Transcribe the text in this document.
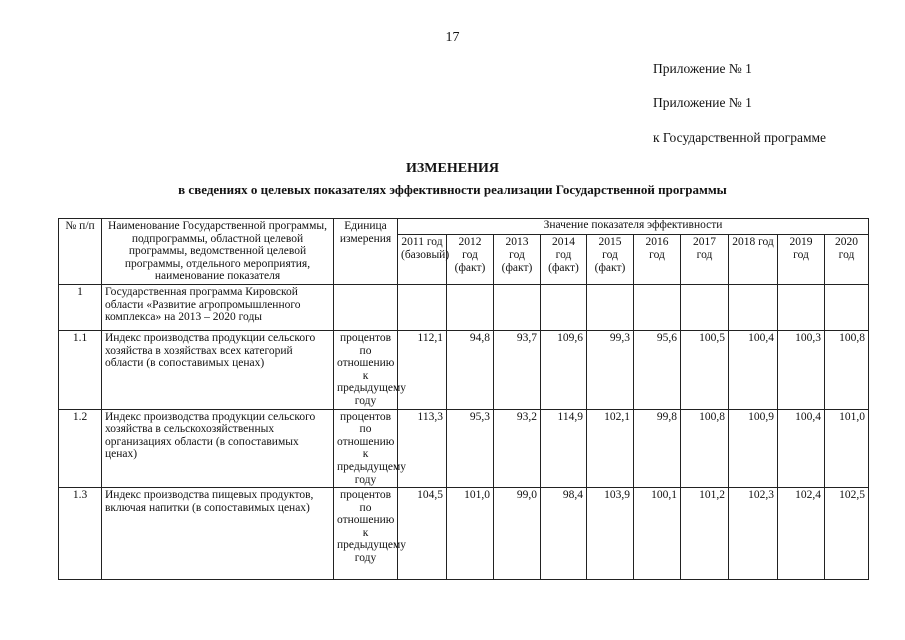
17
Приложение № 1
Приложение № 1
к Государственной программе
ИЗМЕНЕНИЯ
в сведениях о целевых показателях эффективности реализации Государственной программы
№ п/п	Наименование Государственной программы, подпрограммы, областной целевой программы, ведомственной целевой программы, отдельного мероприятия, наименование показателя	Единица измерения	Значение показателя эффективности									
			2011 год (базовый)	2012 год (факт)	2013 год (факт)	2014 год (факт)	2015 год (факт)	2016 год	2017 год	2018 год	2019 год	2020 год
1	Государственная программа Кировской области «Развитие агропромышленного комплекса» на 2013 – 2020 годы											
1.1	Индекс производства продукции сельского хозяйства в хозяйствах всех категорий области (в сопоставимых ценах)	процентов по отношению к предыдущему году	112,1	94,8	93,7	109,6	99,3	95,6	100,5	100,4	100,3	100,8
1.2	Индекс производства продукции сельского хозяйства в сельскохозяйственных организациях области (в сопоставимых ценах)	процентов по отношению к предыдущему году	113,3	95,3	93,2	114,9	102,1	99,8	100,8	100,9	100,4	101,0
1.3	Индекс производства пищевых продуктов, включая напитки (в сопоставимых ценах)	процентов по отношению к предыдущему году	104,5	101,0	99,0	98,4	103,9	100,1	101,2	102,3	102,4	102,5
